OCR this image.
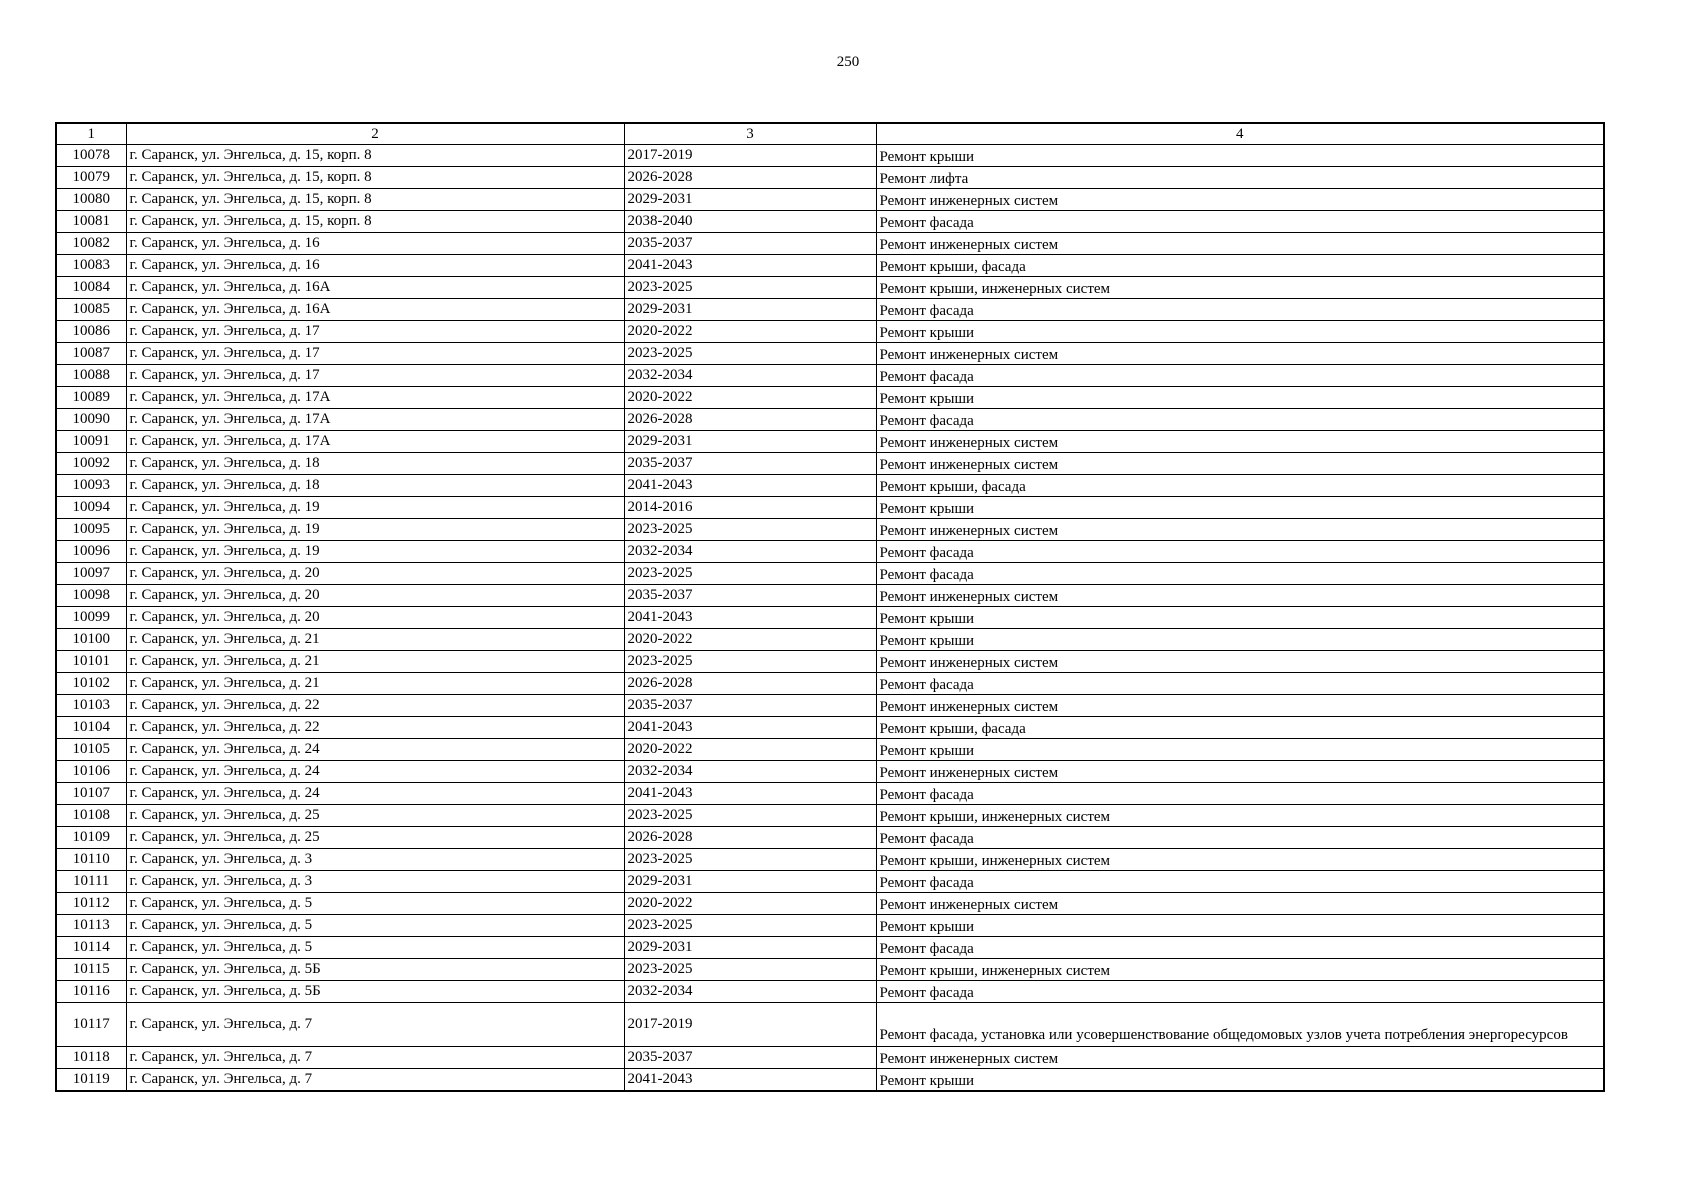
250
1	2	3	4
10078	г. Саранск, ул. Энгельса, д. 15, корп. 8	2017-2019	Ремонт крыши
10079	г. Саранск, ул. Энгельса, д. 15, корп. 8	2026-2028	Ремонт лифта
10080	г. Саранск, ул. Энгельса, д. 15, корп. 8	2029-2031	Ремонт инженерных систем
10081	г. Саранск, ул. Энгельса, д. 15, корп. 8	2038-2040	Ремонт фасада
10082	г. Саранск, ул. Энгельса, д. 16	2035-2037	Ремонт инженерных систем
10083	г. Саранск, ул. Энгельса, д. 16	2041-2043	Ремонт крыши, фасада
10084	г. Саранск, ул. Энгельса, д. 16А	2023-2025	Ремонт крыши, инженерных систем
10085	г. Саранск, ул. Энгельса, д. 16А	2029-2031	Ремонт фасада
10086	г. Саранск, ул. Энгельса, д. 17	2020-2022	Ремонт крыши
10087	г. Саранск, ул. Энгельса, д. 17	2023-2025	Ремонт инженерных систем
10088	г. Саранск, ул. Энгельса, д. 17	2032-2034	Ремонт фасада
10089	г. Саранск, ул. Энгельса, д. 17А	2020-2022	Ремонт крыши
10090	г. Саранск, ул. Энгельса, д. 17А	2026-2028	Ремонт фасада
10091	г. Саранск, ул. Энгельса, д. 17А	2029-2031	Ремонт инженерных систем
10092	г. Саранск, ул. Энгельса, д. 18	2035-2037	Ремонт инженерных систем
10093	г. Саранск, ул. Энгельса, д. 18	2041-2043	Ремонт крыши, фасада
10094	г. Саранск, ул. Энгельса, д. 19	2014-2016	Ремонт крыши
10095	г. Саранск, ул. Энгельса, д. 19	2023-2025	Ремонт инженерных систем
10096	г. Саранск, ул. Энгельса, д. 19	2032-2034	Ремонт фасада
10097	г. Саранск, ул. Энгельса, д. 20	2023-2025	Ремонт фасада
10098	г. Саранск, ул. Энгельса, д. 20	2035-2037	Ремонт инженерных систем
10099	г. Саранск, ул. Энгельса, д. 20	2041-2043	Ремонт крыши
10100	г. Саранск, ул. Энгельса, д. 21	2020-2022	Ремонт крыши
10101	г. Саранск, ул. Энгельса, д. 21	2023-2025	Ремонт инженерных систем
10102	г. Саранск, ул. Энгельса, д. 21	2026-2028	Ремонт фасада
10103	г. Саранск, ул. Энгельса, д. 22	2035-2037	Ремонт инженерных систем
10104	г. Саранск, ул. Энгельса, д. 22	2041-2043	Ремонт крыши, фасада
10105	г. Саранск, ул. Энгельса, д. 24	2020-2022	Ремонт крыши
10106	г. Саранск, ул. Энгельса, д. 24	2032-2034	Ремонт инженерных систем
10107	г. Саранск, ул. Энгельса, д. 24	2041-2043	Ремонт фасада
10108	г. Саранск, ул. Энгельса, д. 25	2023-2025	Ремонт крыши, инженерных систем
10109	г. Саранск, ул. Энгельса, д. 25	2026-2028	Ремонт фасада
10110	г. Саранск, ул. Энгельса, д. 3	2023-2025	Ремонт крыши, инженерных систем
10111	г. Саранск, ул. Энгельса, д. 3	2029-2031	Ремонт фасада
10112	г. Саранск, ул. Энгельса, д. 5	2020-2022	Ремонт инженерных систем
10113	г. Саранск, ул. Энгельса, д. 5	2023-2025	Ремонт крыши
10114	г. Саранск, ул. Энгельса, д. 5	2029-2031	Ремонт фасада
10115	г. Саранск, ул. Энгельса, д. 5Б	2023-2025	Ремонт крыши, инженерных систем
10116	г. Саранск, ул. Энгельса, д. 5Б	2032-2034	Ремонт фасада
10117	г. Саранск, ул. Энгельса, д. 7	2017-2019	Ремонт фасада, установка или усовершенствование общедомовых узлов учета потребления энергоресурсов
10118	г. Саранск, ул. Энгельса, д. 7	2035-2037	Ремонт инженерных систем
10119	г. Саранск, ул. Энгельса, д. 7	2041-2043	Ремонт крыши
